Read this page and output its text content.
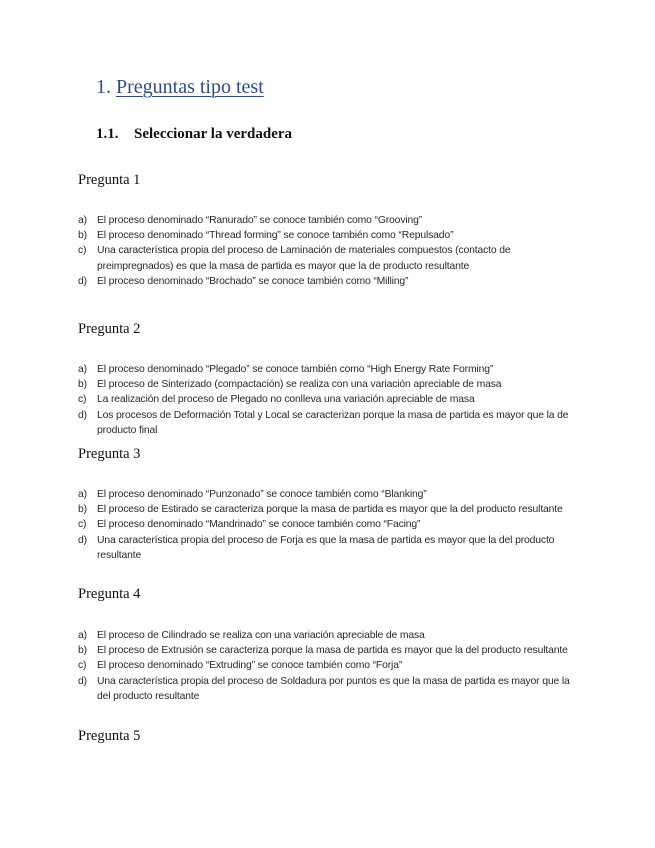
1. Preguntas tipo test
1.1. Seleccionar la verdadera
Pregunta 1
a) El proceso denominado “Ranurado” se conoce también como “Grooving”
b) El proceso denominado “Thread forming” se conoce también como “Repulsado”
c) Una característica propia del proceso de Laminación de materiales compuestos (contacto de preimpregnados) es que la masa de partida es mayor que la de producto resultante
d) El proceso denominado “Brochado” se conoce también como “Milling”
Pregunta 2
a) El proceso denominado “Plegado” se conoce también como “High Energy Rate Forming”
b) El proceso de Sinterizado (compactación) se realiza con una variación apreciable de masa
c) La realización del proceso de Plegado no conlleva una variación apreciable de masa
d) Los procesos de Deformación Total y Local se caracterizan porque la masa de partida es mayor que la de producto final
Pregunta 3
a) El proceso denominado “Punzonado” se conoce también como “Blanking”
b) El proceso de Estirado se caracteriza porque la masa de partida es mayor que la del producto resultante
c) El proceso denominado “Mandrinado” se conoce también como “Facing”
d) Una característica propia del proceso de Forja es que la masa de partida es mayor que la del producto resultante
Pregunta 4
a) El proceso de Cilindrado se realiza con una variación apreciable de masa
b) El proceso de Extrusión se caracteriza porque la masa de partida es mayor que la del producto resultante
c) El proceso denominado “Extruding” se conoce también como “Forja”
d) Una característica propia del proceso de Soldadura por puntos es que la masa de partida es mayor que la del producto resultante
Pregunta 5
